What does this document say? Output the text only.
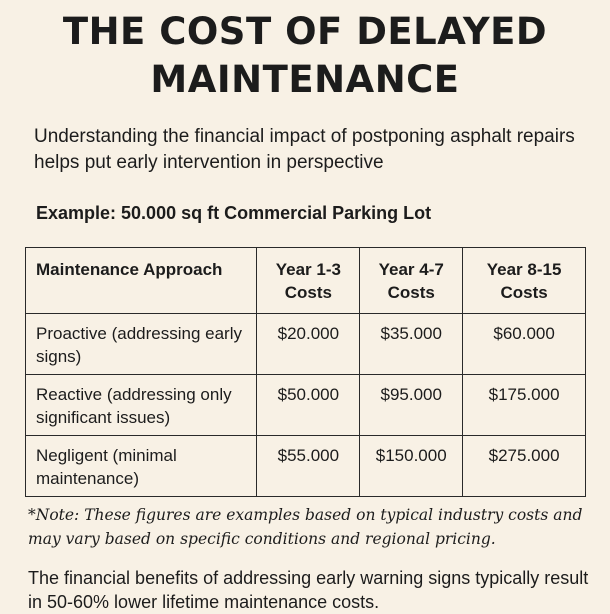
THE COST OF DELAYED MAINTENANCE

Understanding the financial impact of postponing asphalt repairs helps put early intervention in perspective

Example: 50.000 sq ft Commercial Parking Lot

Maintenance Approach	Year 1-3 Costs	Year 4-7 Costs	Year 8-15 Costs
Proactive (addressing early signs)	$20.000	$35.000	$60.000
Reactive (addressing only significant issues)	$50.000	$95.000	$175.000
Negligent (minimal maintenance)	$55.000	$150.000	$275.000

*Note: These figures are examples based on typical industry costs and may vary based on specific conditions and regional pricing.

The financial benefits of addressing early warning signs typically result in 50-60% lower lifetime maintenance costs.
